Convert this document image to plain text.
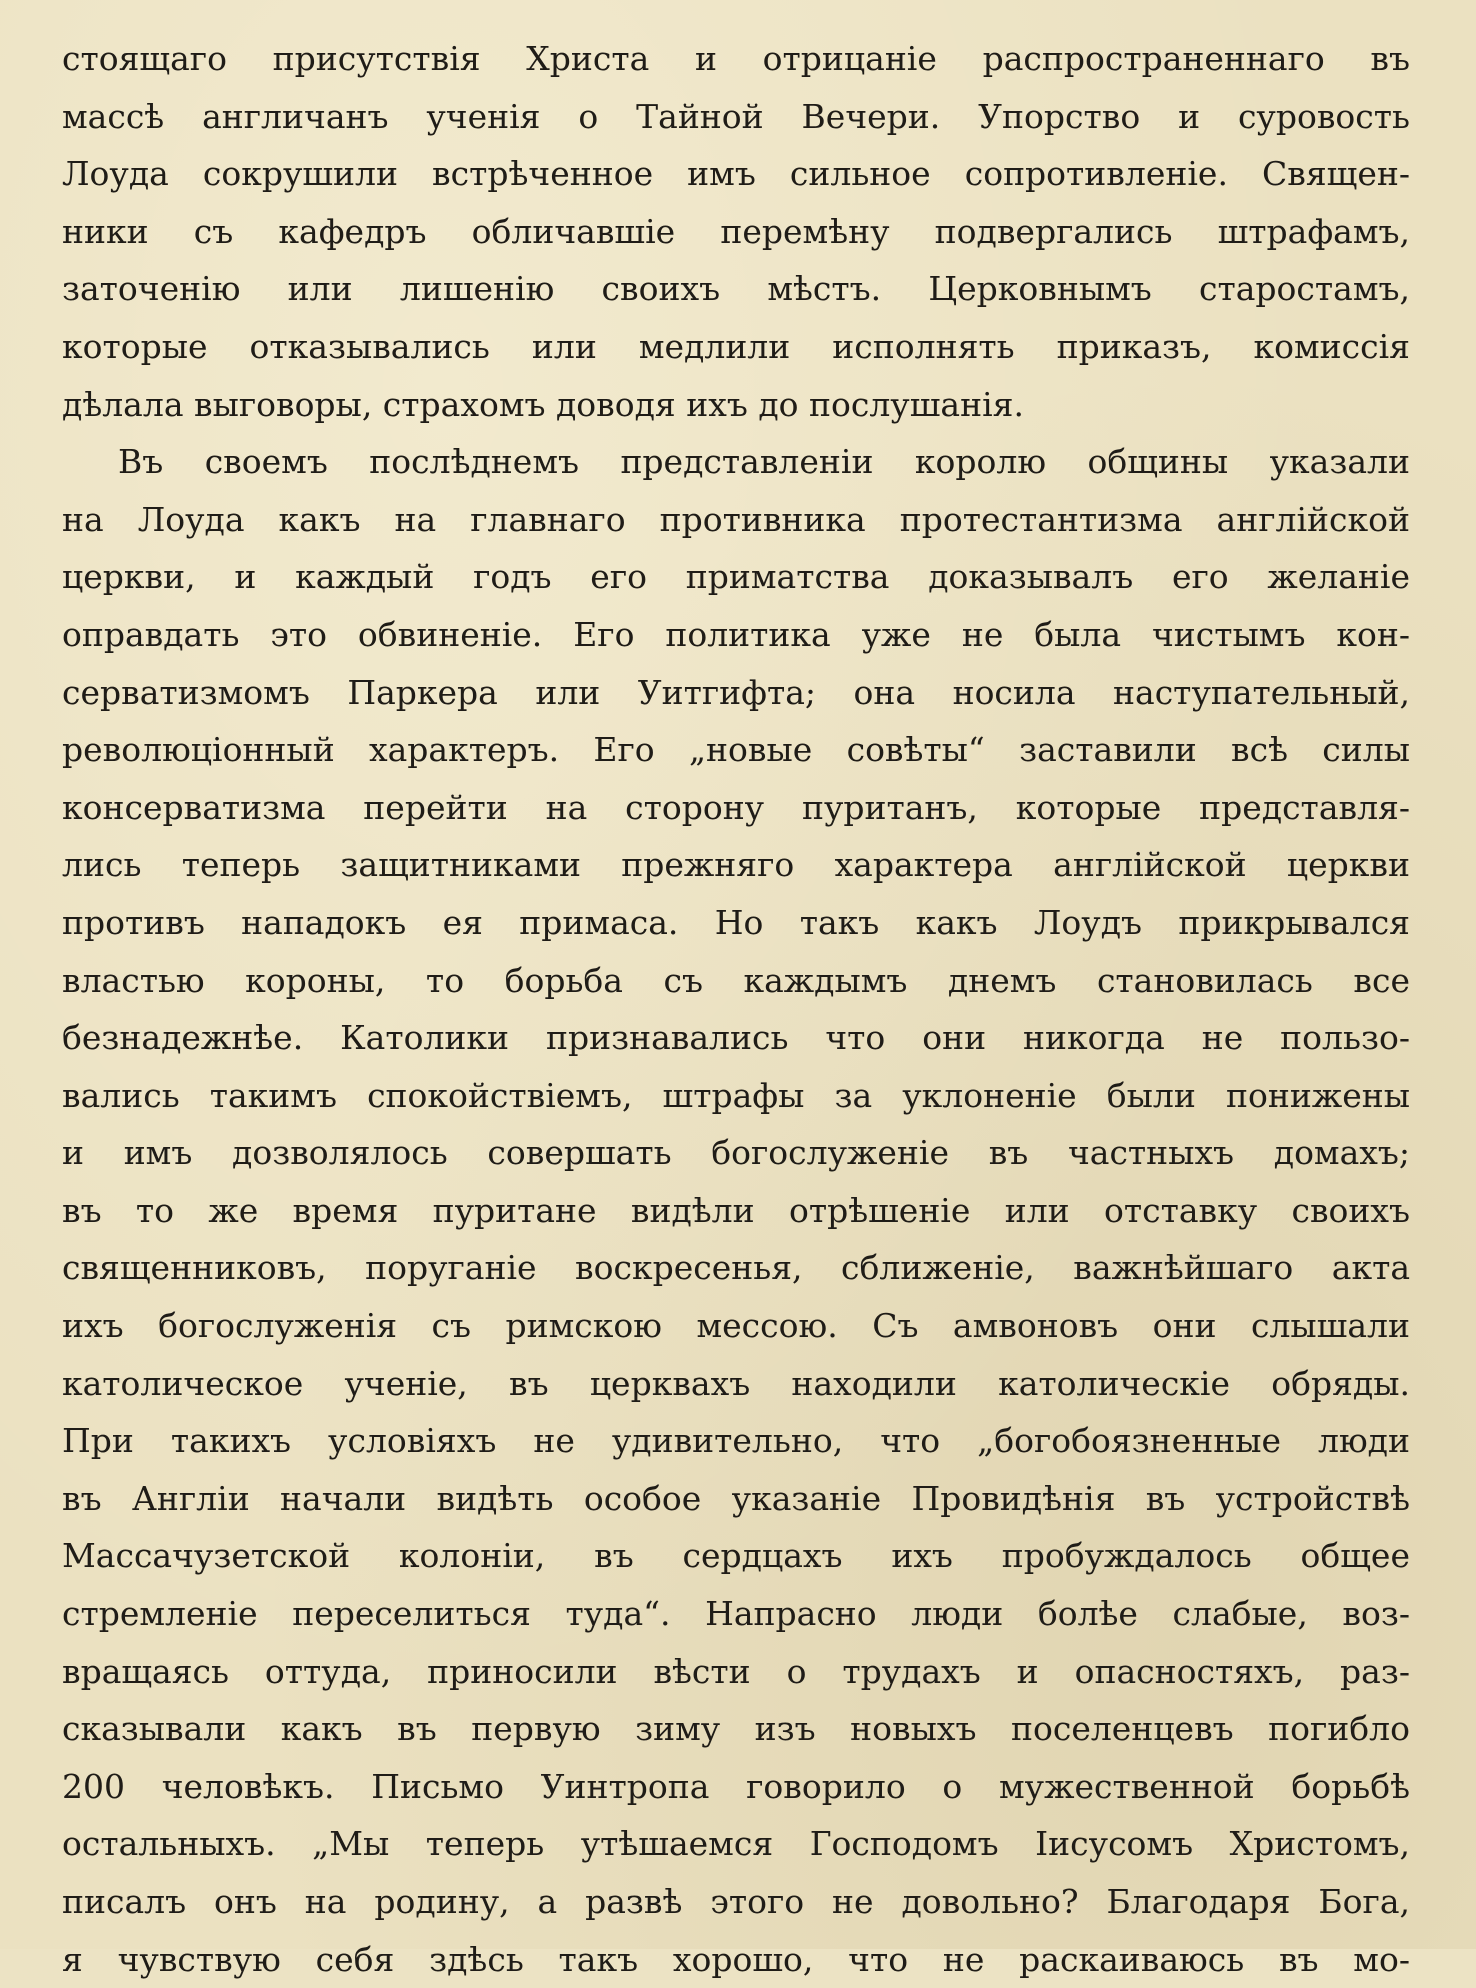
стоящаго присутствія Христа и отрицаніе распространеннаго въ
массѣ англичанъ ученія о Тайной Вечери. Упорство и суровость
Лоуда сокрушили встрѣченное имъ сильное сопротивленіе. Священ-
ники съ кафедръ обличавшіе перемѣну подвергались штрафамъ,
заточенію или лишенію своихъ мѣстъ. Церковнымъ старостамъ,
которые отказывались или медлили исполнять приказъ, комиссія
дѣлала выговоры, страхомъ доводя ихъ до послушанія.
Въ своемъ послѣднемъ представленіи королю общины указали
на Лоуда какъ на главнаго противника протестантизма англійской
церкви, и каждый годъ его приматства доказывалъ его желаніе
оправдать это обвиненіе. Его политика уже не была чистымъ кон-
серватизмомъ Паркера или Уитгифта; она носила наступательный,
революціонный характеръ. Его „новые совѣты“ заставили всѣ силы
консерватизма перейти на сторону пуританъ, которые представля-
лись теперь защитниками прежняго характера англійской церкви
противъ нападокъ ея примаса. Но такъ какъ Лоудъ прикрывался
властью короны, то борьба съ каждымъ днемъ становилась все
безнадежнѣе. Католики признавались что они никогда не пользо-
вались такимъ спокойствіемъ, штрафы за уклоненіе были понижены
и имъ дозволялось совершать богослуженіе въ частныхъ домахъ;
въ то же время пуритане видѣли отрѣшеніе или отставку своихъ
священниковъ, поруганіе воскресенья, сближеніе, важнѣйшаго акта
ихъ богослуженія съ римскою мессою. Съ амвоновъ они слышали
католическое ученіе, въ церквахъ находили католическіе обряды.
При такихъ условіяхъ не удивительно, что „богобоязненные люди
въ Англіи начали видѣть особое указаніе Провидѣнія въ устройствѣ
Массачузетской колоніи, въ сердцахъ ихъ пробуждалось общее
стремленіе переселиться туда“. Напрасно люди болѣе слабые, воз-
вращаясь оттуда, приносили вѣсти о трудахъ и опасностяхъ, раз-
сказывали какъ въ первую зиму изъ новыхъ поселенцевъ погибло
200 человѣкъ. Письмо Уинтропа говорило о мужественной борьбѣ
остальныхъ. „Мы теперь утѣшаемся Господомъ Іисусомъ Христомъ,
писалъ онъ на родину, а развѣ этого не довольно? Благодаря Бога,
я чувствую себя здѣсь такъ хорошо, что не раскаиваюсь въ мо-
